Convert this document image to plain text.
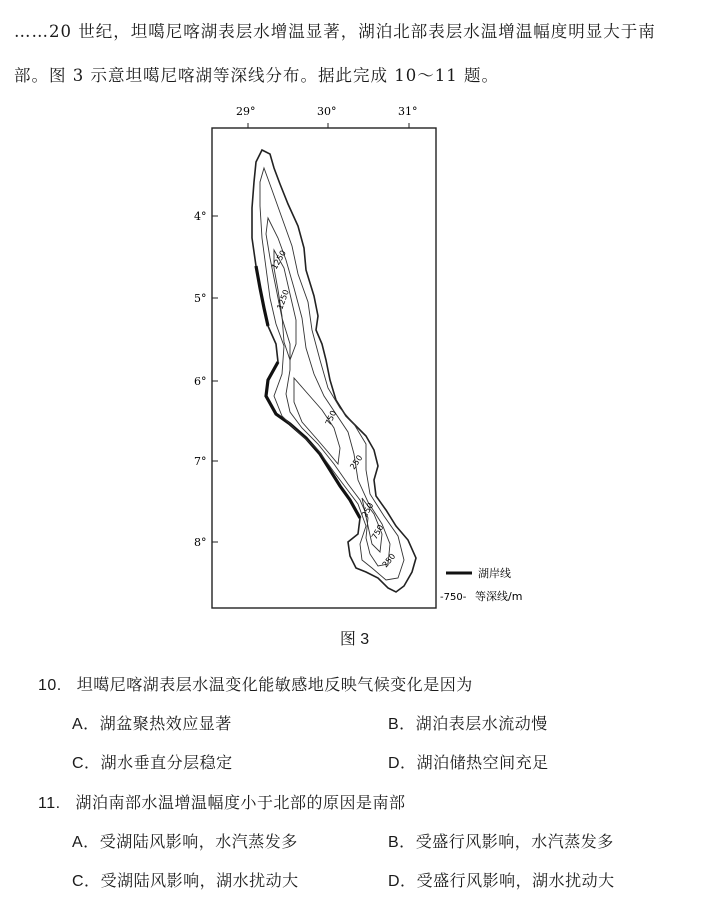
……20 世纪，坦噶尼喀湖表层水增温显著，湖泊北部表层水温增温幅度明显大于南
部。图 3 示意坦噶尼喀湖等深线分布。据此完成 10～11 题。
29°	30°	31°
4°
5°
6°
7°
8°
1250
1250
750
250
250
750
250
湖岸线
-750- 等深线/m
图 3
10. 坦噶尼喀湖表层水温变化能敏感地反映气候变化是因为
A．湖盆聚热效应显著	B．湖泊表层水流动慢
C．湖水垂直分层稳定	D．湖泊储热空间充足
11. 湖泊南部水温增温幅度小于北部的原因是南部
A．受湖陆风影响，水汽蒸发多	B．受盛行风影响，水汽蒸发多
C．受湖陆风影响，湖水扰动大	D．受盛行风影响，湖水扰动大
